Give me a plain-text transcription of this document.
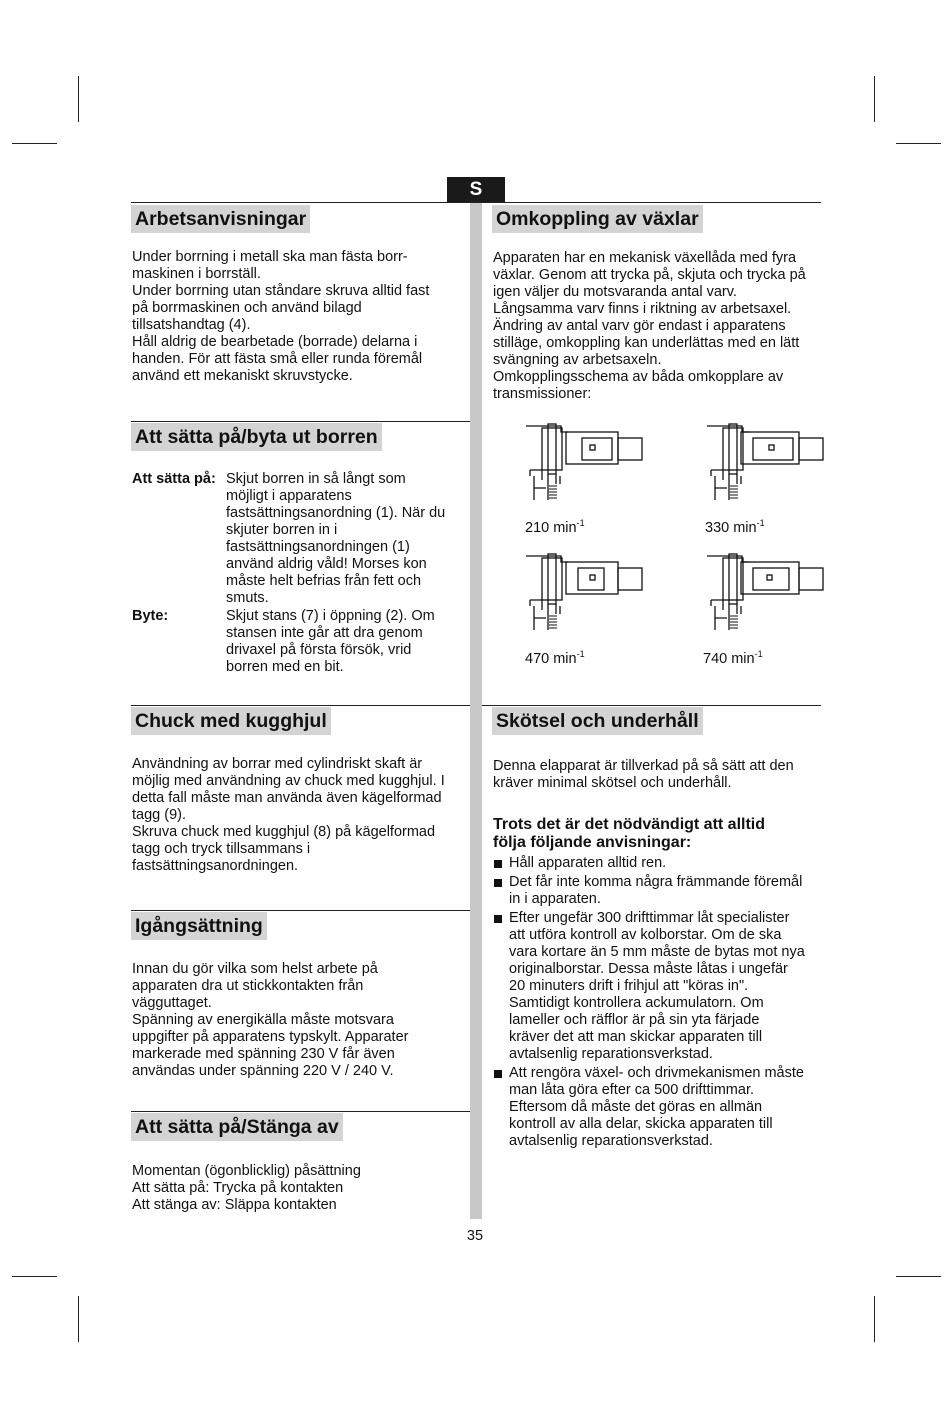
S
Arbetsanvisningar
Under borrning i metall ska man fästa borr-
maskinen i borrställ.
Under borrning utan ståndare skruva alltid fast
på borrmaskinen och använd bilagd
tillsatshandtag (4).
Håll aldrig de bearbetade (borrade) delarna i
handen. För att fästa små eller runda föremål
använd ett mekaniskt skruvstycke.
Att sätta på/byta ut borren
Att sätta på: Skjut borren in så långt som
möjligt i apparatens
fastsättningsanordning (1). När du
skjuter borren in i
fastsättningsanordningen (1)
använd aldrig våld! Morses kon
måste helt befrias från fett och
smuts.
Byte:	Skjut stans (7) i öppning (2). Om
stansen inte går att dra genom
drivaxel på första försök, vrid
borren med en bit.
Chuck med kugghjul
Användning av borrar med cylindriskt skaft är
möjlig med användning av chuck med kugghjul. I
detta fall måste man använda även kägelformad
tagg (9).
Skruva chuck med kugghjul (8) på kägelformad
tagg och tryck tillsammans i
fastsättningsanordningen.
Igångsättning
Innan du gör vilka som helst arbete på
apparaten dra ut stickkontakten från
vägguttaget.
Spänning av energikälla måste motsvara
uppgifter på apparatens typskylt. Apparater
markerade med spänning 230 V får även
användas under spänning 220 V / 240 V.
Att sätta på/Stänga av
Momentan (ögonblicklig) påsättning
Att sätta på: Trycka på kontakten
Att stänga av: Släppa kontakten
Omkoppling av växlar
Apparaten har en mekanisk växellåda med fyra
växlar. Genom att trycka på, skjuta och trycka på
igen väljer du motsvaranda antal varv.
Långsamma varv finns i riktning av arbetsaxel.
Ändring av antal varv gör endast i apparatens
stilläge, omkoppling kan underlättas med en lätt
svängning av arbetsaxeln.
Omkopplingsschema av båda omkopplare av
transmissioner:
210 $\min^{-1}$	330 $\min^{-1}$
470 $\min^{-1}$	740 $\min^{-1}$
Skötsel och underhåll
Denna elapparat är tillverkad på så sätt att den
kräver minimal skötsel och underhåll.
Trots det är det nödvändigt att alltid
följa följande anvisningar:
Håll apparaten alltid ren.
Det får inte komma några främmande föremål
in i apparaten.
Efter ungefär 300 drifttimmar låt specialister
att utföra kontroll av kolborstar. Om de ska
vara kortare än 5 mm måste de bytas mot nya
originalborstar. Dessa måste låtas i ungefär
20 minuters drift i frihjul att "köras in".
Samtidigt kontrollera ackumulatorn. Om
lameller och räfflor är på sin yta färjade
kräver det att man skickar apparaten till
avtalsenlig reparationsverkstad.
Att rengöra växel- och drivmekanismen måste
man låta göra efter ca 500 drifttimmar.
Eftersom då måste det göras en allmän
kontroll av alla delar, skicka apparaten till
avtalsenlig reparationsverkstad.
35
